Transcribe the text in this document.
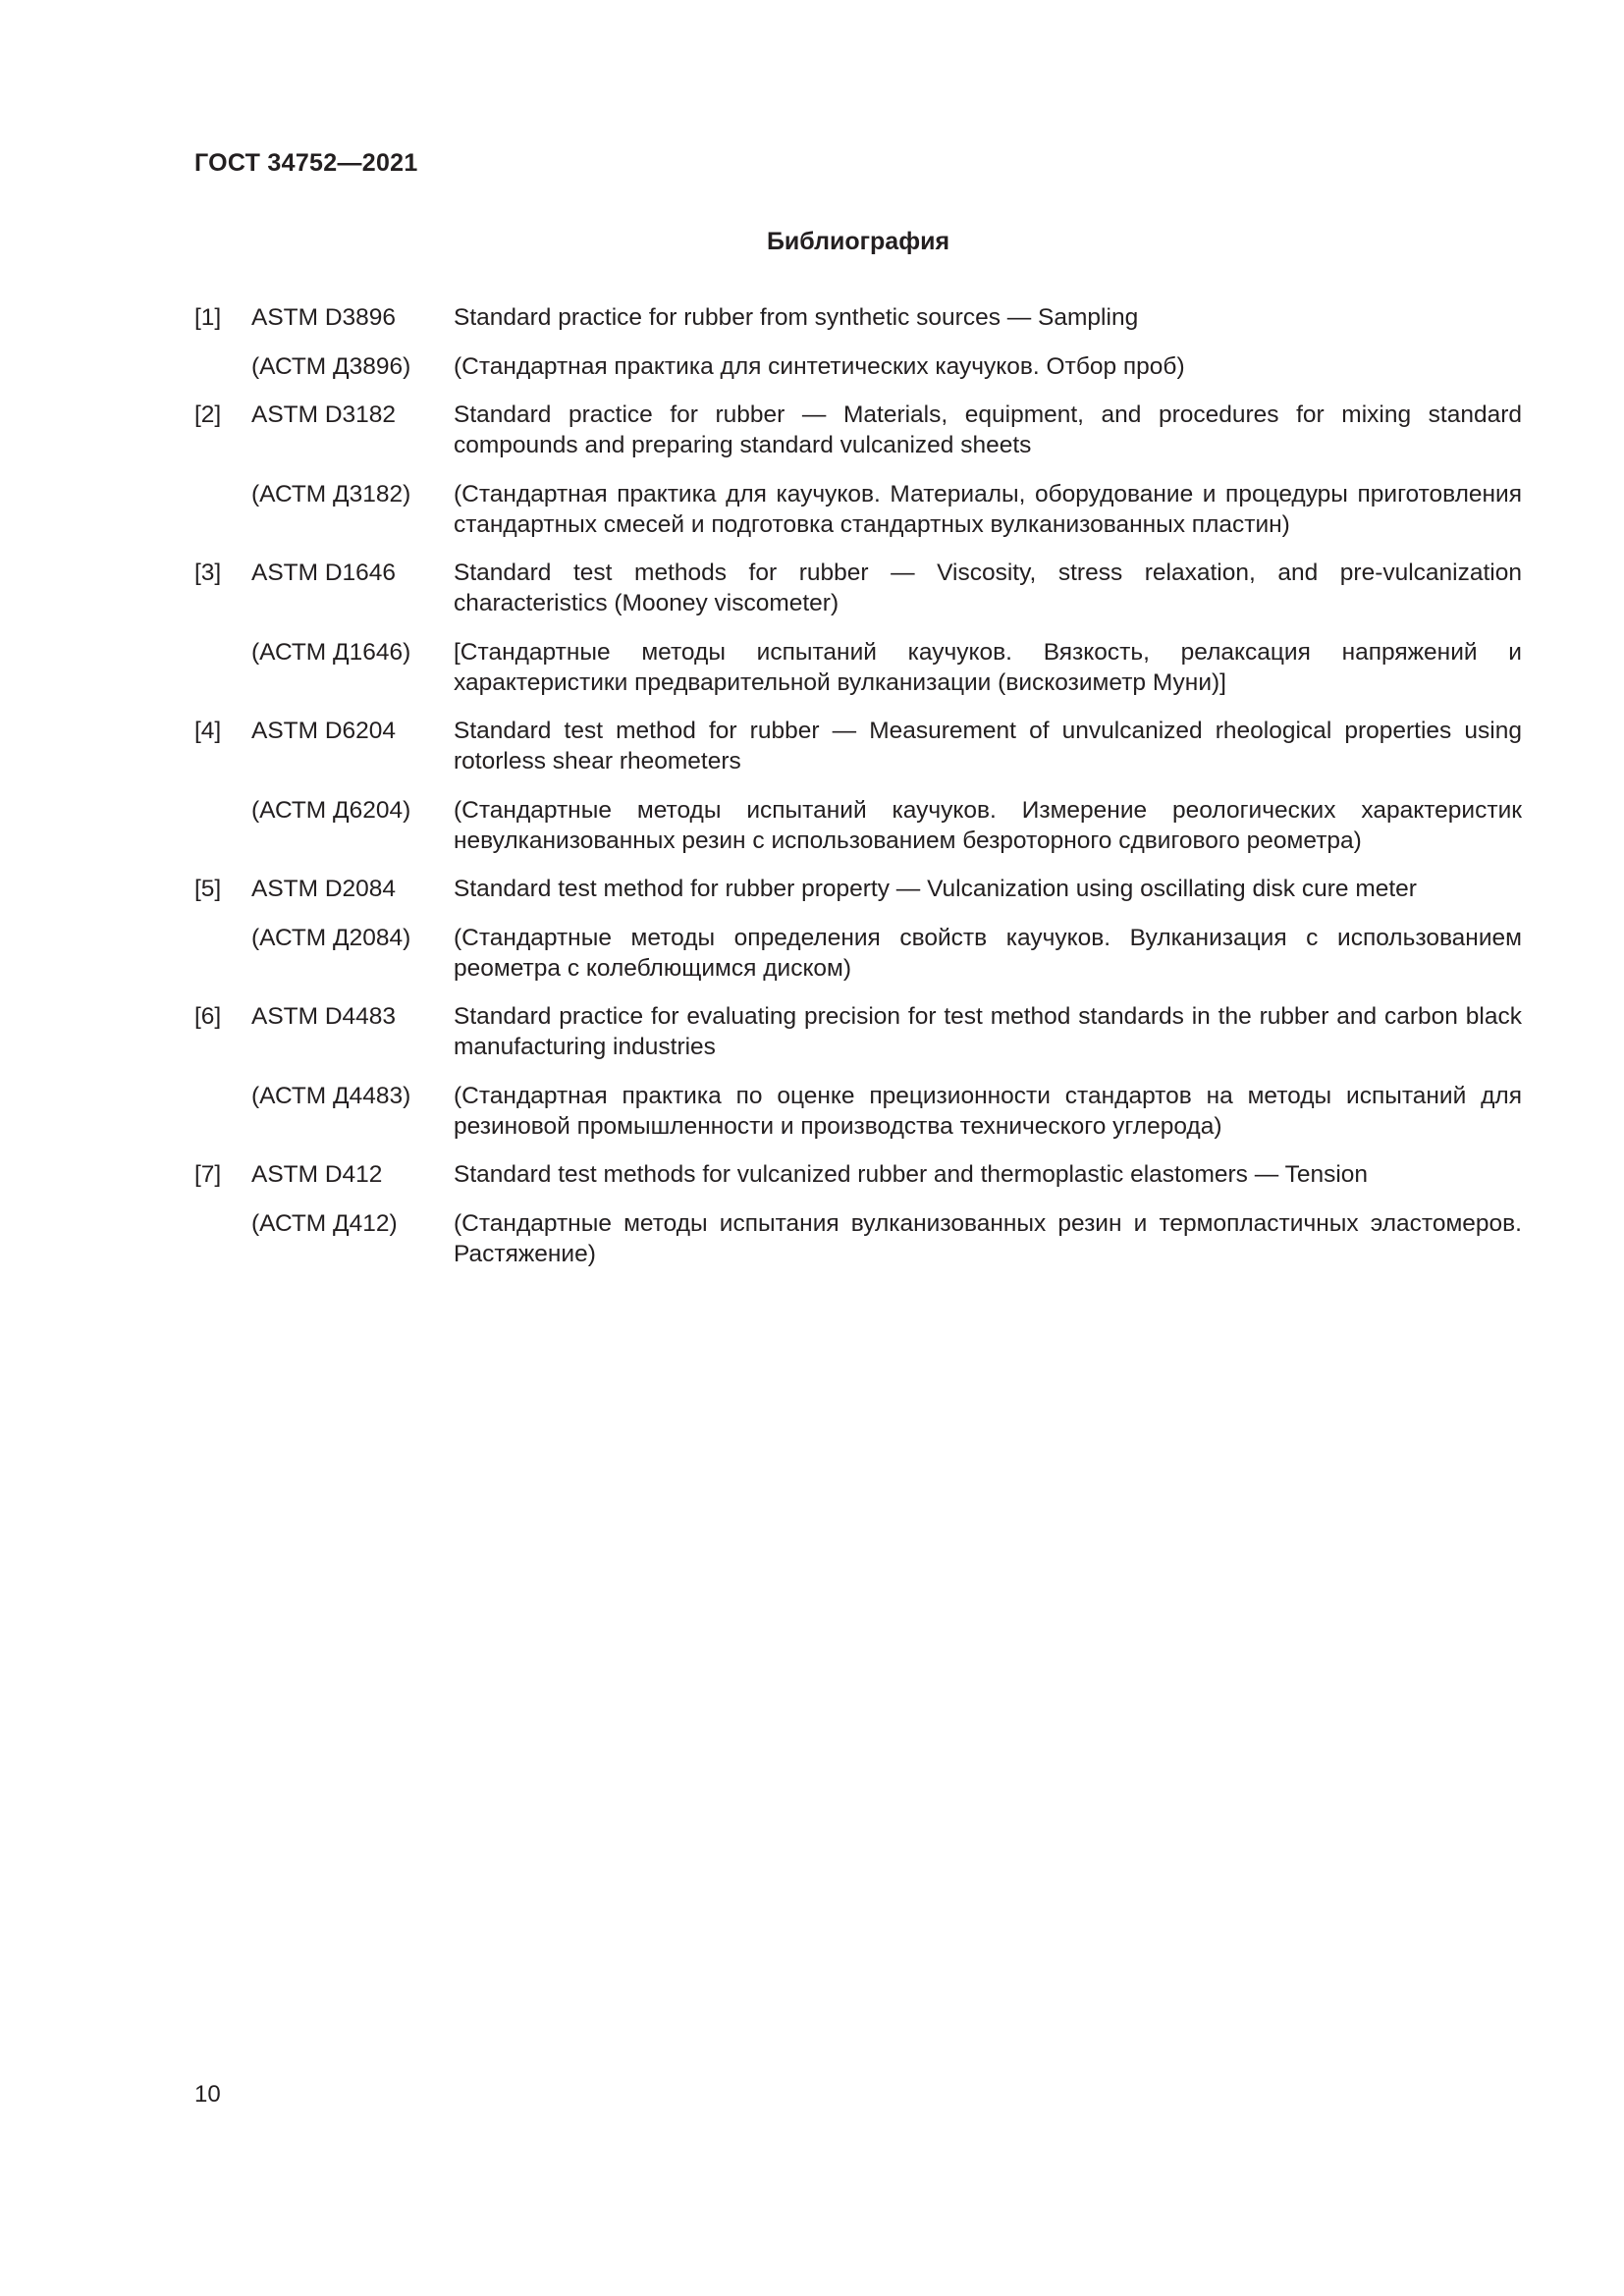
ГОСТ 34752—2021
Библиография
[1]	ASTM D3896	Standard practice for rubber from synthetic sources — Sampling
(АСТМ Д3896)	(Стандартная практика для синтетических каучуков. Отбор проб)
[2]	ASTM D3182	Standard practice for rubber — Materials, equipment, and procedures for mixing standard compounds and preparing standard vulcanized sheets
(АСТМ Д3182)	(Стандартная практика для каучуков. Материалы, оборудование и процедуры приготовления стандартных смесей и подготовка стандартных вулканизованных пластин)
[3]	ASTM D1646	Standard test methods for rubber — Viscosity, stress relaxation, and pre-vulcanization characteristics (Mooney viscometer)
(АСТМ Д1646)	[Стандартные методы испытаний каучуков. Вязкость, релаксация напряжений и характеристики предварительной вулканизации (вискозиметр Муни)]
[4]	ASTM D6204	Standard test method for rubber — Measurement of unvulcanized rheological properties using rotorless shear rheometers
(АСТМ Д6204)	(Стандартные методы испытаний каучуков. Измерение реологических характеристик невулканизованных резин с использованием безроторного сдвигового реометра)
[5]	ASTM D2084	Standard test method for rubber property — Vulcanization using oscillating disk cure meter
(АСТМ Д2084)	(Стандартные методы определения свойств каучуков. Вулканизация с использованием реометра с колеблющимся диском)
[6]	ASTM D4483	Standard practice for evaluating precision for test method standards in the rubber and carbon black manufacturing industries
(АСТМ Д4483)	(Стандартная практика по оценке прецизионности стандартов на методы испытаний для резиновой промышленности и производства технического углерода)
[7]	ASTM D412	Standard test methods for vulcanized rubber and thermoplastic elastomers — Tension
(АСТМ Д412)	(Стандартные методы испытания вулканизованных резин и термопластичных эластомеров. Растяжение)
10
